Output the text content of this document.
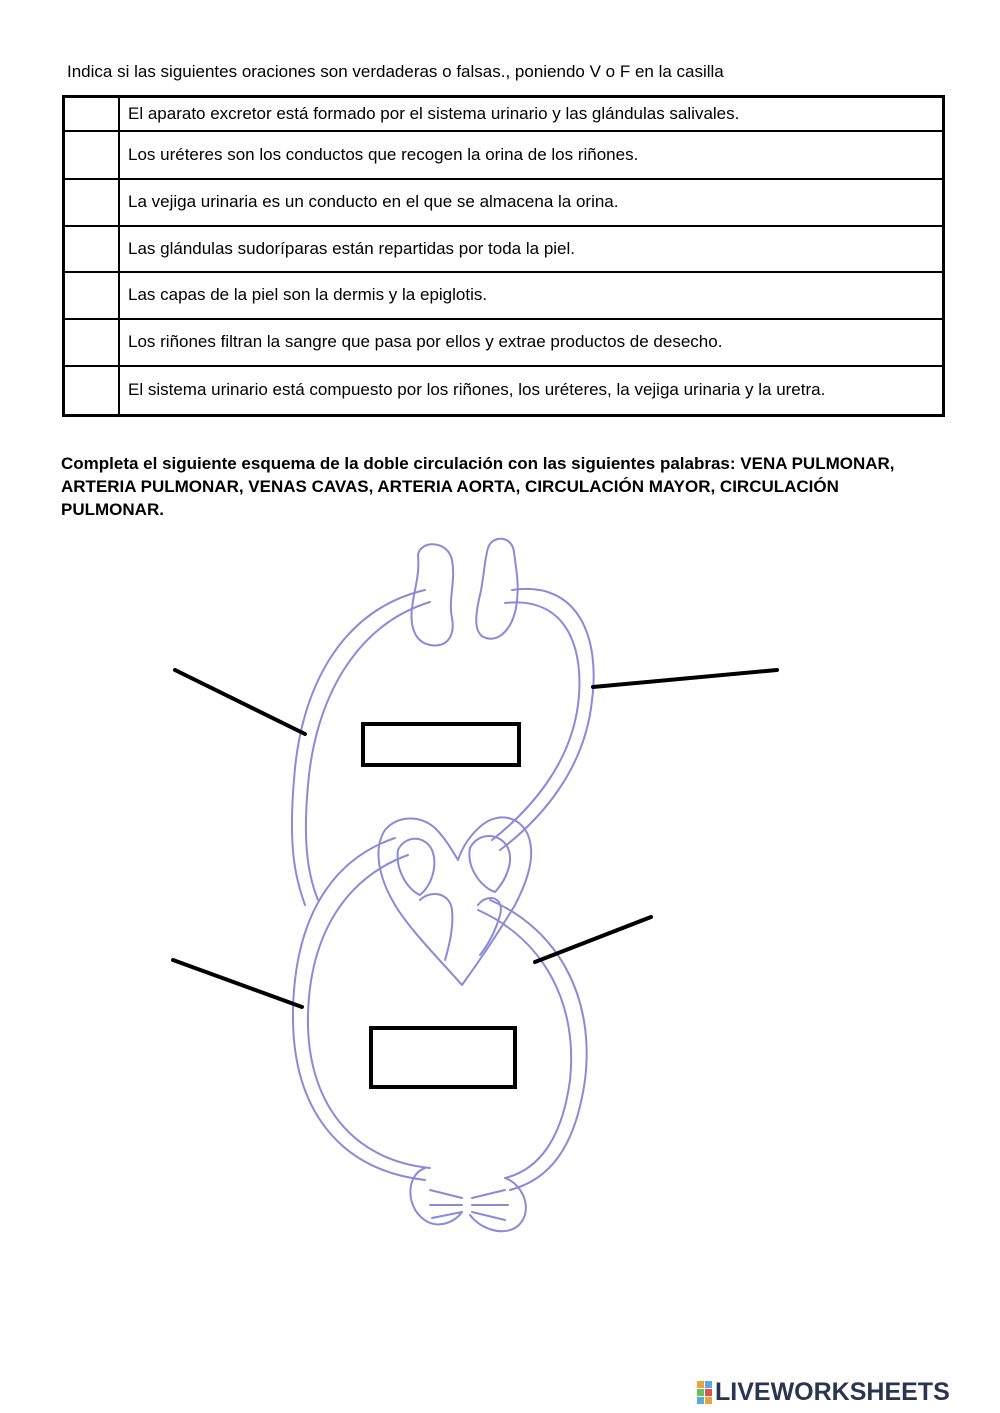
Indica si las siguientes oraciones son verdaderas o falsas., poniendo V o F en la casilla
	El aparato excretor está formado por el sistema urinario y las glándulas salivales.
	Los uréteres son los conductos que recogen la orina de los riñones.
	La vejiga urinaria es un conducto en el que se almacena la orina.
	Las glándulas sudoríparas están repartidas por toda la piel.
	Las capas de la piel son la dermis y la epiglotis.
	Los riñones filtran la sangre que pasa por ellos y extrae productos de desecho.
	El sistema urinario está compuesto por los riñones, los uréteres, la vejiga urinaria y la uretra.
Completa el siguiente esquema de la doble circulación con las siguientes palabras: VENA PULMONAR, ARTERIA PULMONAR, VENAS CAVAS, ARTERIA AORTA, CIRCULACIÓN MAYOR, CIRCULACIÓN PULMONAR.
LIVEWORKSHEETS
